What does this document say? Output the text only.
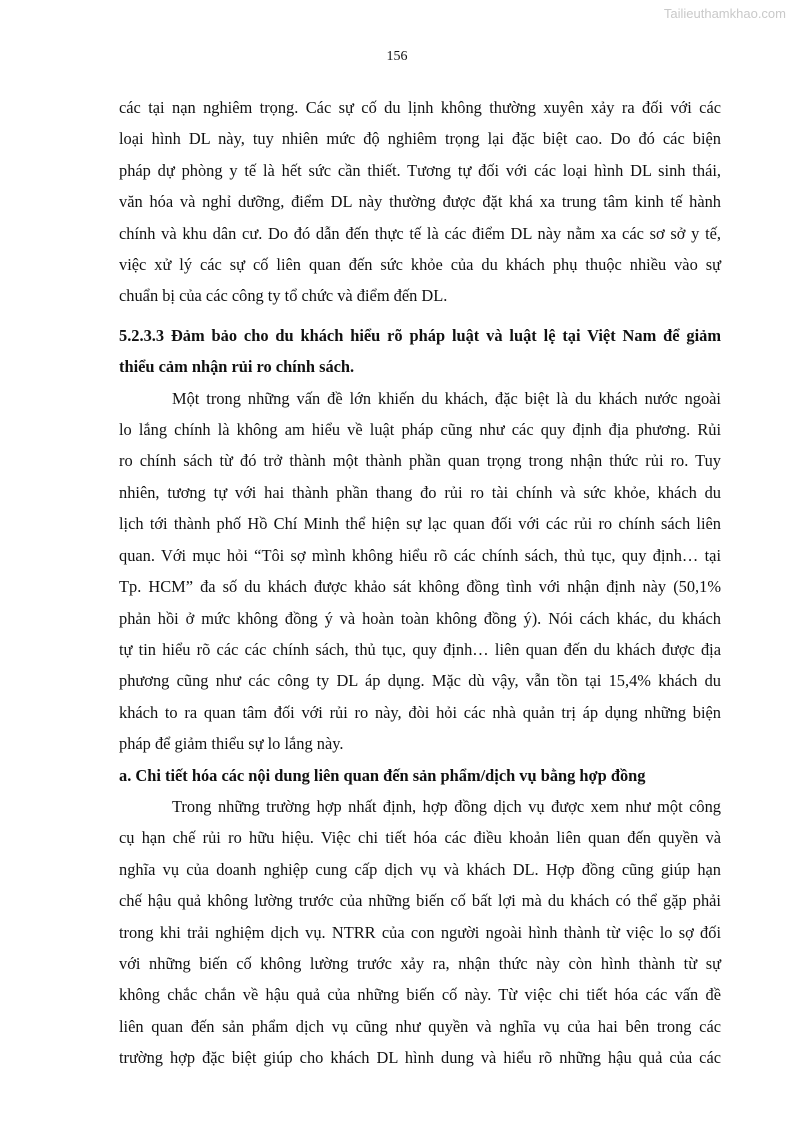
Tailieuthamkhao.com
156

các tại nạn nghiêm trọng. Các sự cố du lịnh không thường xuyên xảy ra đối với các

loại hình DL này, tuy nhiên mức độ nghiêm trọng lại đặc biệt cao. Do đó các biện

pháp dự phòng y tế là hết sức cần thiết. Tương tự đối với các loại hình DL sinh thái,

văn hóa và nghỉ dưỡng, điểm DL này thường được đặt khá xa trung tâm kinh tế hành

chính và khu dân cư. Do đó dẫn đến thực tế là các điểm DL này nằm xa các sơ sở y tế,

việc xử lý các sự cố liên quan đến sức khỏe của du khách phụ thuộc nhiều vào sự

chuẩn bị của các công ty tổ chức và điểm đến DL.

5.2.3.3 Đảm bảo cho du khách hiểu rõ pháp luật và luật lệ tại Việt Nam để giảm

thiểu cảm nhận rủi ro chính sách.

Một trong những vấn đề lớn khiến du khách, đặc biệt là du khách nước ngoài

lo lắng chính là không am hiểu về luật pháp cũng như các quy định địa phương. Rủi

ro chính sách từ đó trở thành một thành phần quan trọng trong nhận thức rủi ro. Tuy

nhiên, tương tự với hai thành phần thang đo rủi ro tài chính và sức khỏe, khách du

lịch tới thành phố Hồ Chí Minh thể hiện sự lạc quan đối với các rủi ro chính sách liên

quan. Với mục hỏi “Tôi sợ mình không hiểu rõ các chính sách, thủ tục, quy định… tại

Tp. HCM” đa số du khách được khảo sát không đồng tình với nhận định này (50,1%

phản hồi ở mức không đồng ý và hoàn toàn không đồng ý). Nói cách khác, du khách

tự tin hiểu rõ các các chính sách, thủ tục, quy định… liên quan đến du khách được địa

phương cũng như các công ty DL áp dụng. Mặc dù vậy, vẫn tồn tại 15,4% khách du

khách to ra quan tâm đối với rủi ro này, đòi hỏi các nhà quản trị áp dụng những biện

pháp để giảm thiểu sự lo lắng này.

a. Chi tiết hóa các nội dung liên quan đến sản phẩm/dịch vụ bằng hợp đồng

Trong những trường hợp nhất định, hợp đồng dịch vụ được xem như một công

cụ hạn chế rủi ro hữu hiệu. Việc chi tiết hóa các điều khoản liên quan đến quyền và

nghĩa vụ của doanh nghiệp cung cấp dịch vụ và khách DL. Hợp đồng cũng giúp hạn

chế hậu quả không lường trước của những biến cố bất lợi mà du khách có thể gặp phải

trong khi trải nghiệm dịch vụ. NTRR của con người ngoài hình thành từ việc lo sợ đối

với những biến cố không lường trước xảy ra, nhận thức này còn hình thành từ sự

không chắc chắn về hậu quả của những biến cố này. Từ việc chi tiết hóa các vấn đề

liên quan đến sản phẩm dịch vụ cũng như quyền và nghĩa vụ của hai bên trong các

trường hợp đặc biệt giúp cho khách DL hình dung và hiểu rõ những hậu quả của các
